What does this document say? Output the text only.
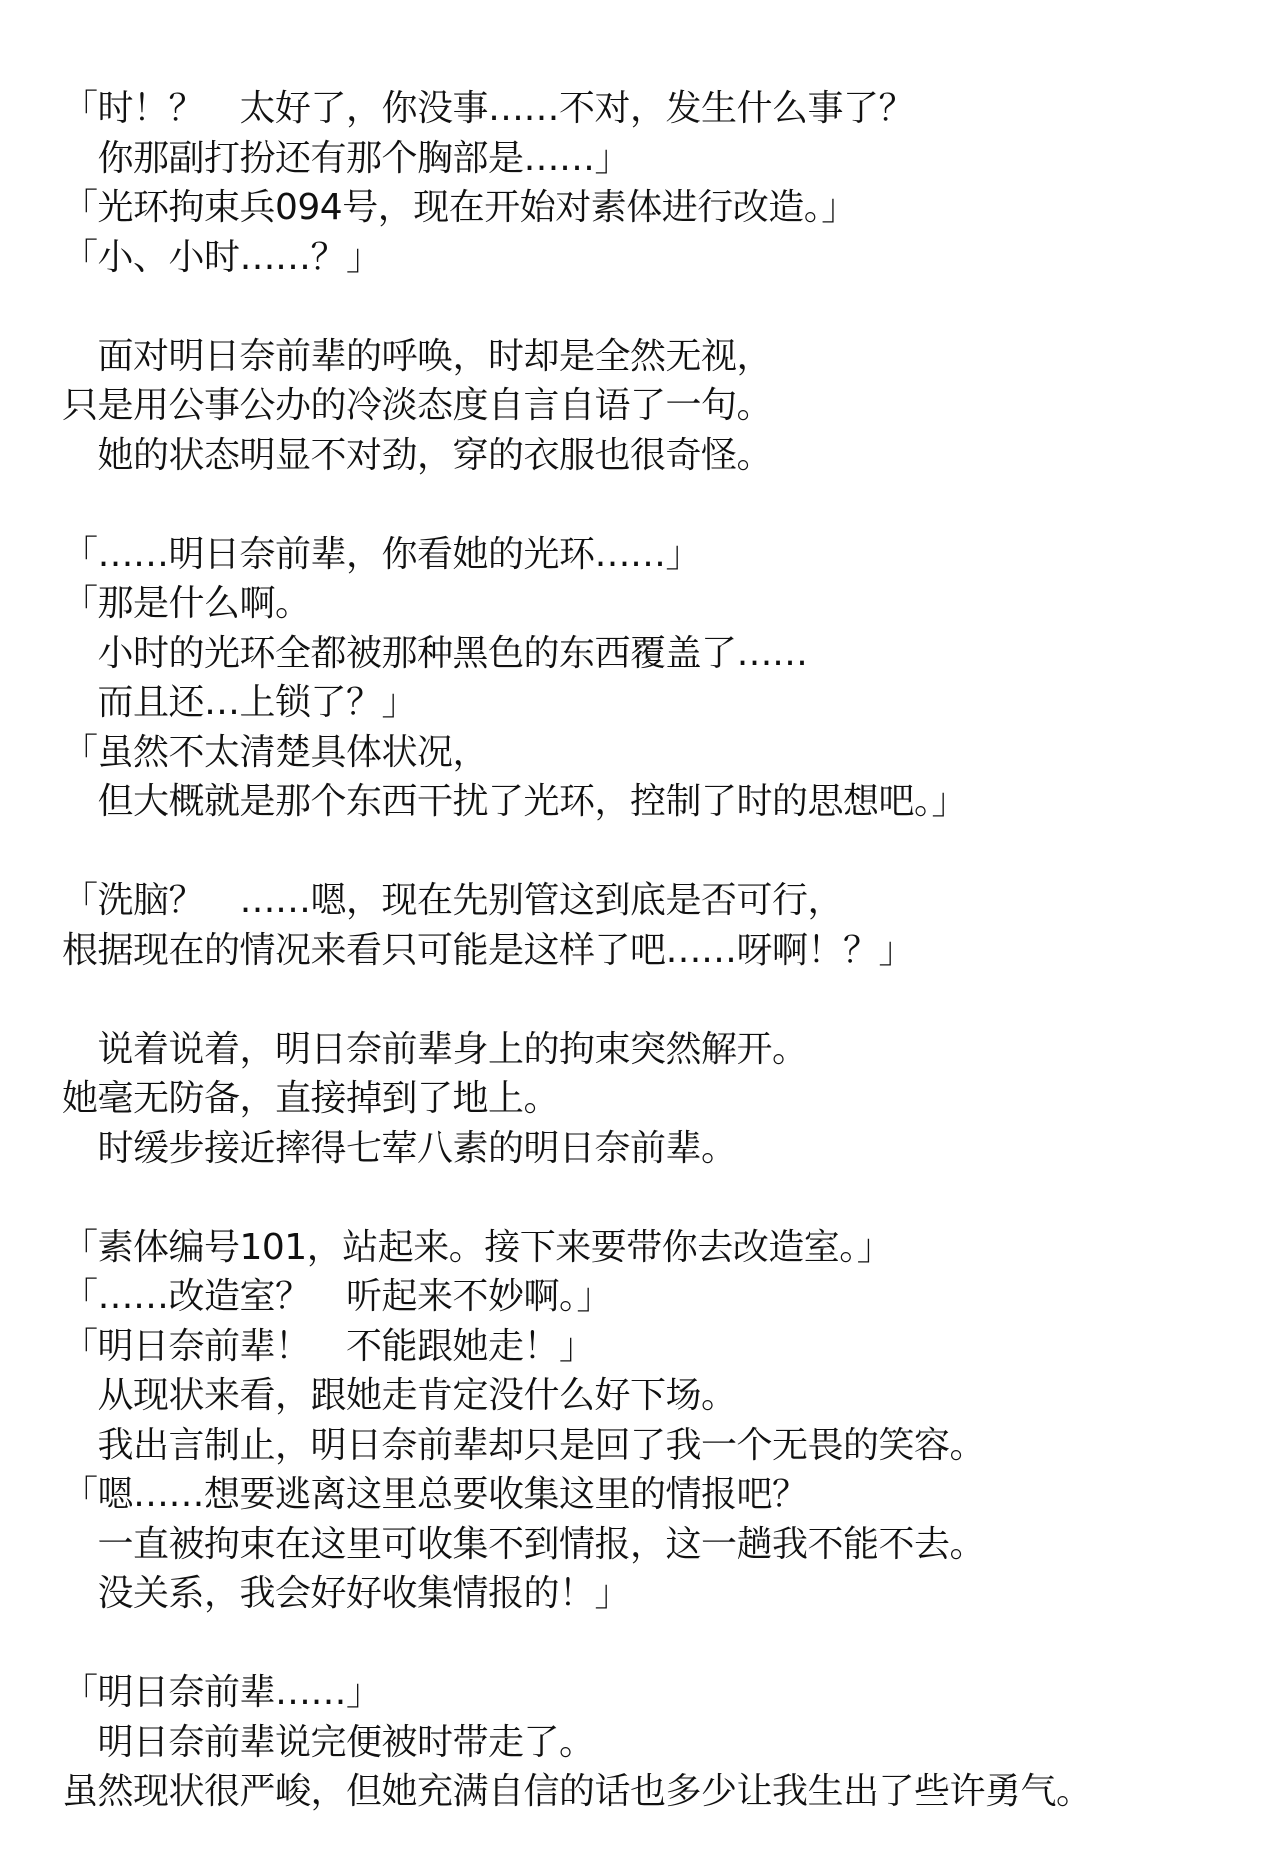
「时！？　太好了，你没事……不对，发生什么事了？
　你那副打扮还有那个胸部是……」
「光环拘束兵094号，现在开始对素体进行改造。」
「小、小时……？」
　面对明日奈前辈的呼唤，时却是全然无视，
只是用公事公办的冷淡态度自言自语了一句。
　她的状态明显不对劲，穿的衣服也很奇怪。
「……明日奈前辈，你看她的光环……」
「那是什么啊。
　小时的光环全都被那种黑色的东西覆盖了……
　而且还…上锁了？」
「虽然不太清楚具体状况，
　但大概就是那个东西干扰了光环，控制了时的思想吧。」
「洗脑？　……嗯，现在先别管这到底是否可行，
根据现在的情况来看只可能是这样了吧……呀啊！？」
　说着说着，明日奈前辈身上的拘束突然解开。
她毫无防备，直接掉到了地上。
　时缓步接近摔得七荤八素的明日奈前辈。
「素体编号101，站起来。接下来要带你去改造室。」
「……改造室？　听起来不妙啊。」
「明日奈前辈！　不能跟她走！」
　从现状来看，跟她走肯定没什么好下场。
　我出言制止，明日奈前辈却只是回了我一个无畏的笑容。
「嗯……想要逃离这里总要收集这里的情报吧？
　一直被拘束在这里可收集不到情报，这一趟我不能不去。
　没关系，我会好好收集情报的！」
「明日奈前辈……」
　明日奈前辈说完便被时带走了。
虽然现状很严峻，但她充满自信的话也多少让我生出了些许勇气。
